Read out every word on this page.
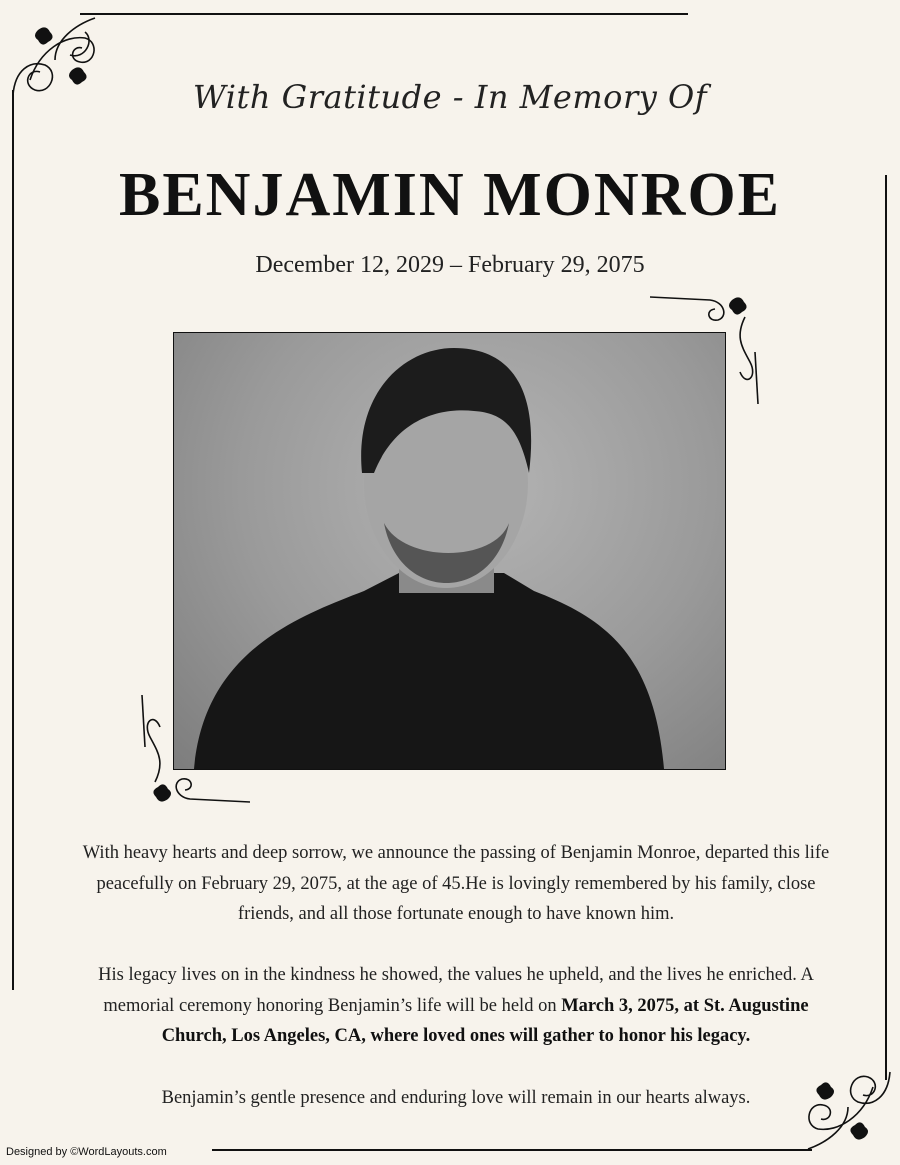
With Gratitude - In Memory Of
BENJAMIN MONROE
December 12, 2029 – February 29, 2075
With heavy hearts and deep sorrow, we announce the passing of Benjamin Monroe, departed this life peacefully on February 29, 2075, at the age of 45.He is lovingly remembered by his family, close friends, and all those fortunate enough to have known him.
His legacy lives on in the kindness he showed, the values he upheld, and the lives he enriched. A memorial ceremony honoring Benjamin’s life will be held on March 3, 2075, at St. Augustine Church, Los Angeles, CA, where loved ones will gather to honor his legacy.
Benjamin’s gentle presence and enduring love will remain in our hearts always.
Designed by ©WordLayouts.com
